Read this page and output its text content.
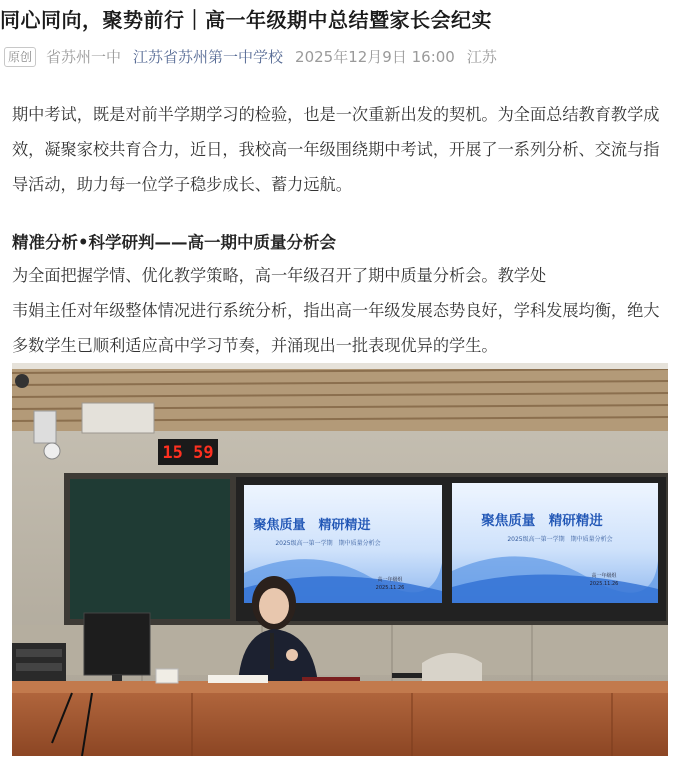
同心同向，聚势前行｜高一年级期中总结暨家长会纪实
原创 省苏州一中 江苏省苏州第一中学校 2025年12月9日 16:00 江苏
期中考试，既是对前半学期学习的检验，也是一次重新出发的契机。为全面总结教育教学成效，凝聚家校共育合力，近日，我校高一年级围绕期中考试，开展了一系列分析、交流与指导活动，助力每一位学子稳步成长、蓄力远航。
精准分析•科学研判——高一期中质量分析会
为全面把握学情、优化教学策略，高一年级召开了期中质量分析会。教学处
韦娟主任对年级整体情况进行系统分析，指出高一年级发展态势良好，学科发展均衡，绝大多数学生已顺利适应高中学习节奏，并涌现出一批表现优异的学生。
15 59
聚焦质量　精研精进
2025级高一第一学期　期中质量分析会
高一年级组
2025.11.26
聚焦质量　精研精进
2025级高一第一学期　期中质量分析会
高一年级组
2025.11.26
